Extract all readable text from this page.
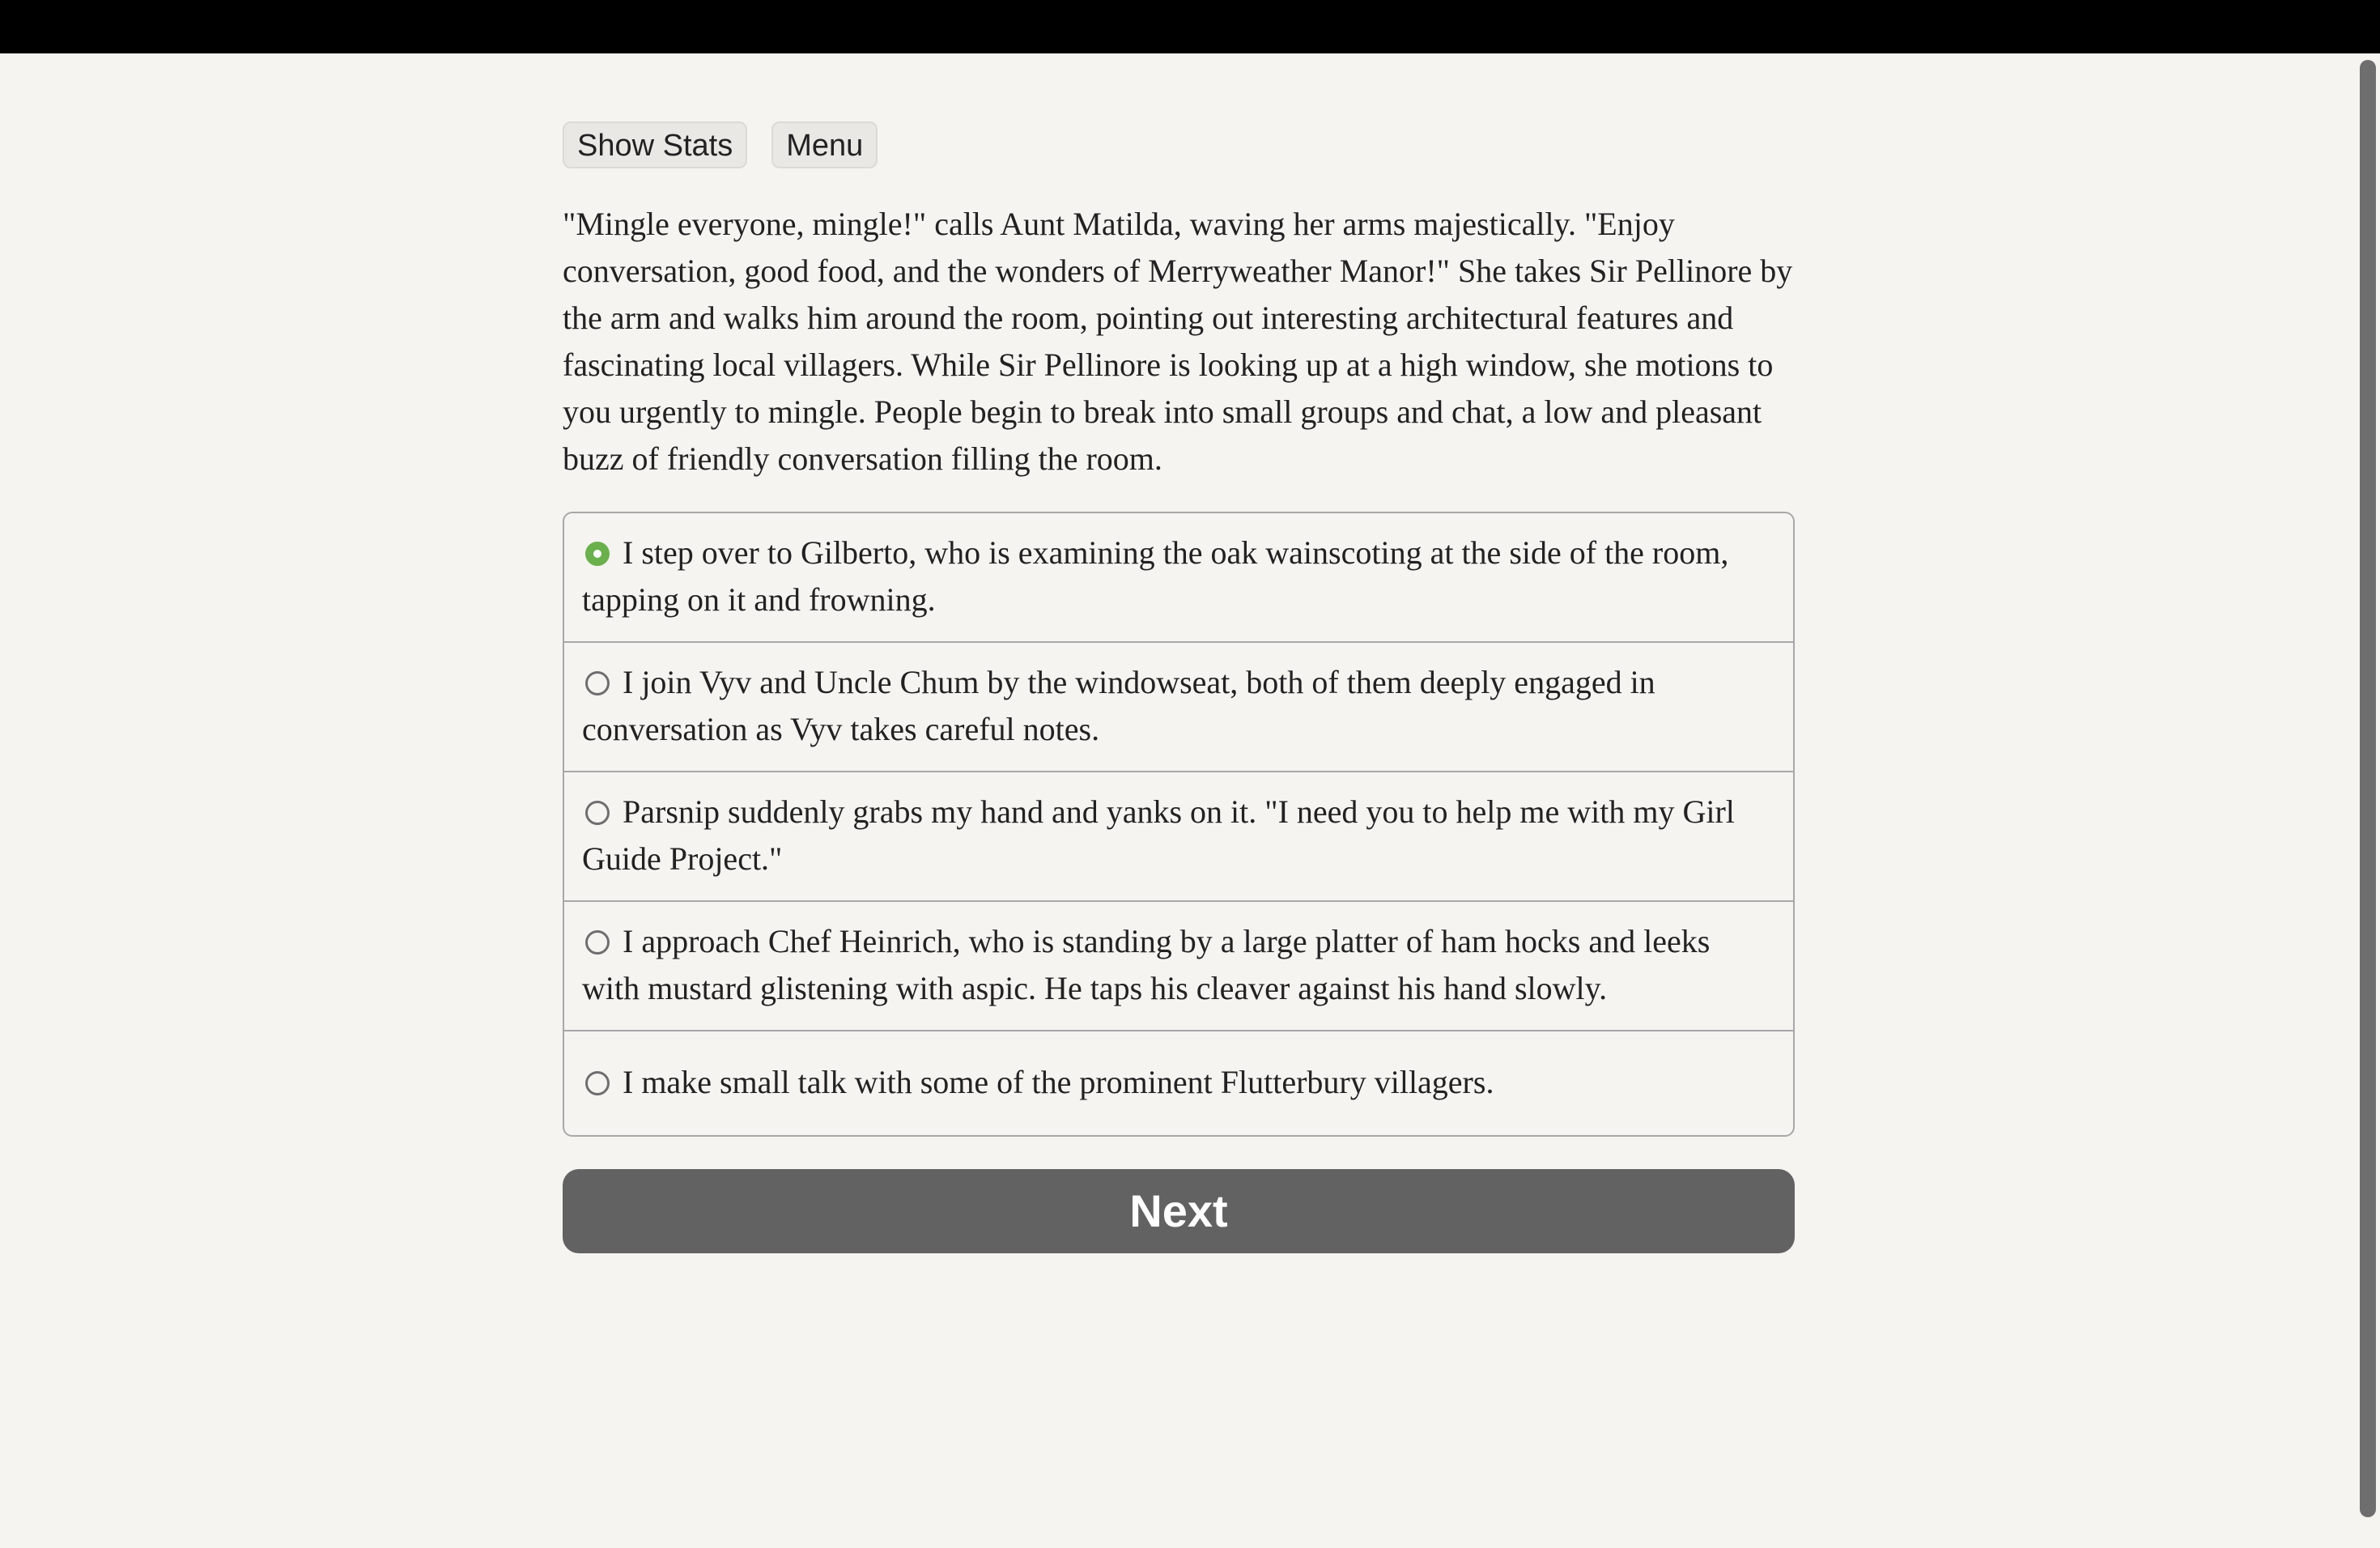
Show Stats	Menu
"Mingle everyone, mingle!" calls Aunt Matilda, waving her arms majestically. "Enjoy conversation, good food, and the wonders of Merryweather Manor!" She takes Sir Pellinore by the arm and walks him around the room, pointing out interesting architectural features and fascinating local villagers. While Sir Pellinore is looking up at a high window, she motions to you urgently to mingle. People begin to break into small groups and chat, a low and pleasant buzz of friendly conversation filling the room.
I step over to Gilberto, who is examining the oak wainscoting at the side of the room, tapping on it and frowning.
I join Vyv and Uncle Chum by the windowseat, both of them deeply engaged in conversation as Vyv takes careful notes.
Parsnip suddenly grabs my hand and yanks on it. "I need you to help me with my Girl Guide Project."
I approach Chef Heinrich, who is standing by a large platter of ham hocks and leeks with mustard glistening with aspic. He taps his cleaver against his hand slowly.
I make small talk with some of the prominent Flutterbury villagers.
Next
